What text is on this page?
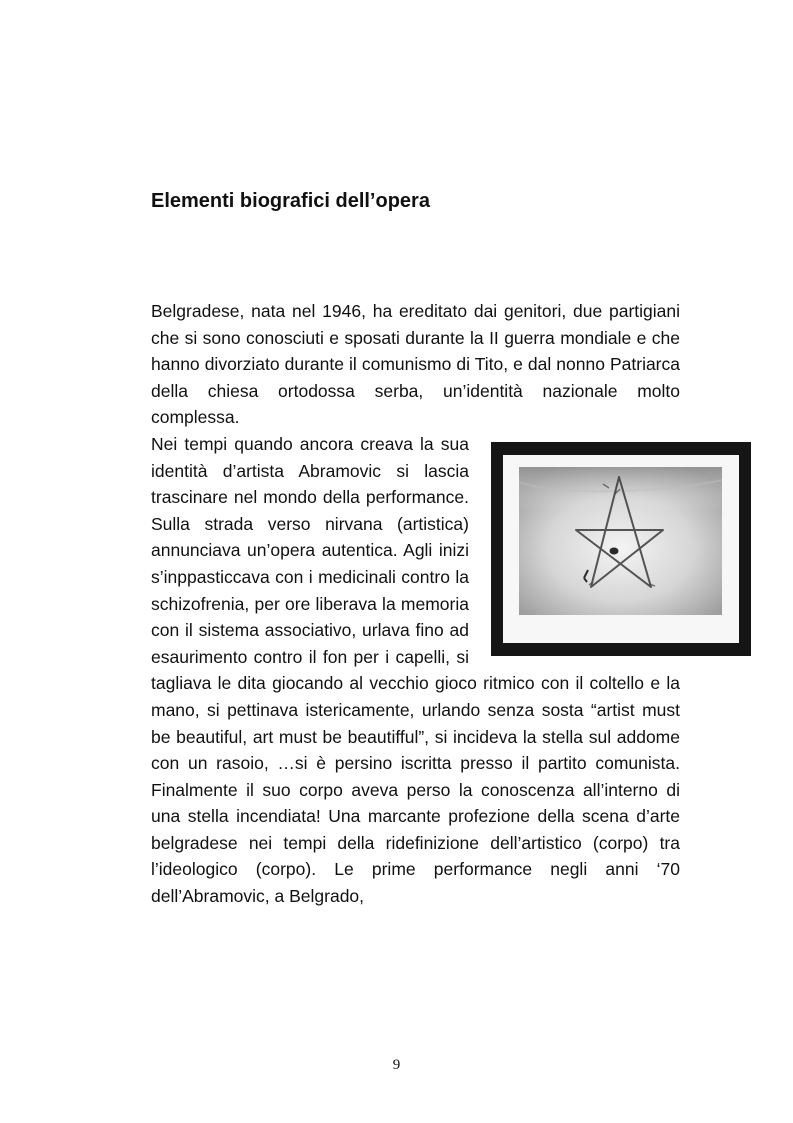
Elementi biografici dell’opera

Belgradese, nata nel 1946, ha ereditato dai genitori, due partigiani che si sono conosciuti e sposati durante la II guerra mondiale e che hanno divorziato durante il comunismo di Tito, e dal nonno Patriarca della chiesa ortodossa serba, un’identità nazionale molto complessa.

Nei tempi quando ancora creava la sua identità d’artista Abramovic si lascia trascinare nel mondo della performance. Sulla strada verso nirvana (artistica) annunciava un’opera autentica. Agli inizi s’inppasticcava con i medicinali contro la schizofrenia, per ore liberava la memoria con il sistema associativo, urlava fino ad esaurimento contro il fon per i capelli, si tagliava le dita giocando al vecchio gioco ritmico con il coltello e la mano, si pettinava istericamente, urlando senza sosta “artist must be beautiful, art must be beautifful”, si incideva la stella sul addome con un rasoio, …si è persino iscritta presso il partito comunista. Finalmente il suo corpo aveva perso la conoscenza all’interno di una stella incendiata! Una marcante profezione della scena d’arte belgradese nei tempi della ridefinizione dell’artistico (corpo) tra l’ideologico (corpo). Le prime performance negli anni ‘70 dell’Abramovic, a Belgrado,

9
